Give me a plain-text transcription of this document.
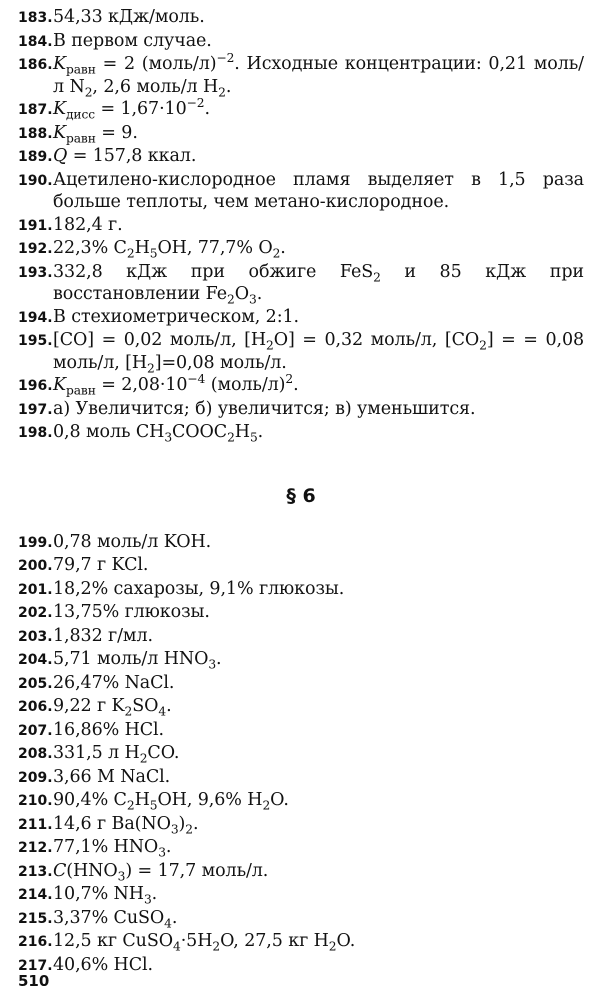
183. 54,33 кДж/моль.
184. В первом случае.
186. $K_{равн} = 2$ (моль/л)$^{-2}$. Исходные концентрации: 0,21 моль/л $N_2$, 2,6 моль/л $H_2$.
187. $K_{дисс} = 1,67\cdot 10^{-2}$.
188. $K_{равн} = 9$.
189. Q = 157,8 ккал.
190. Ацетилено-кислородное пламя выделяет в 1,5 раза больше теплоты, чем метано-кислородное.
191. 182,4 г.
192. 22,3% $C_2H_5OH$, 77,7% $O_2$.
193. 332,8 кДж при обжиге FeS$_2$ и 85 кДж при восстановлении $Fe_2O_3$.
194. В стехиометрическом, 2:1.
195. [CO] = 0,02 моль/л, $[H_2O] = 0,32$ моль/л, $[CO_2]$ = = 0,08 моль/л, $[H_2]=0,08$ моль/л.
196. $K_{равн} = 2,08\cdot 10^{-4}$ (моль/л)$^2$.
197. а) Увеличится; б) увеличится; в) уменьшится.
198. 0,8 моль $CH_3COOC_2H_5$.
§ 6
199. 0,78 моль/л KOH.
200. 79,7 г KCl.
201. 18,2% сахарозы, 9,1% глюкозы.
202. 13,75% глюкозы.
203. 1,832 г/мл.
204. 5,71 моль/л $HNO_3$.
205. 26,47% NaCl.
206. 9,22 г $K_2SO_4$.
207. 16,86% HCl.
208. 331,5 л $H_2CO$.
209. 3,66 М NaCl.
210. 90,4% $C_2H_5OH$, 9,6% $H_2O$.
211. 14,6 г $Ba(NO_3)_2$.
212. 77,1% $HNO_3$.
213. $C(HNO_3) = 17,7$ моль/л.
214. 10,7% $NH_3$.
215. 3,37% CuSO$_4$.
216. 12,5 кг $CuSO_4\cdot 5H_2O$, 27,5 кг $H_2O$.
217. 40,6% HCl.
510
